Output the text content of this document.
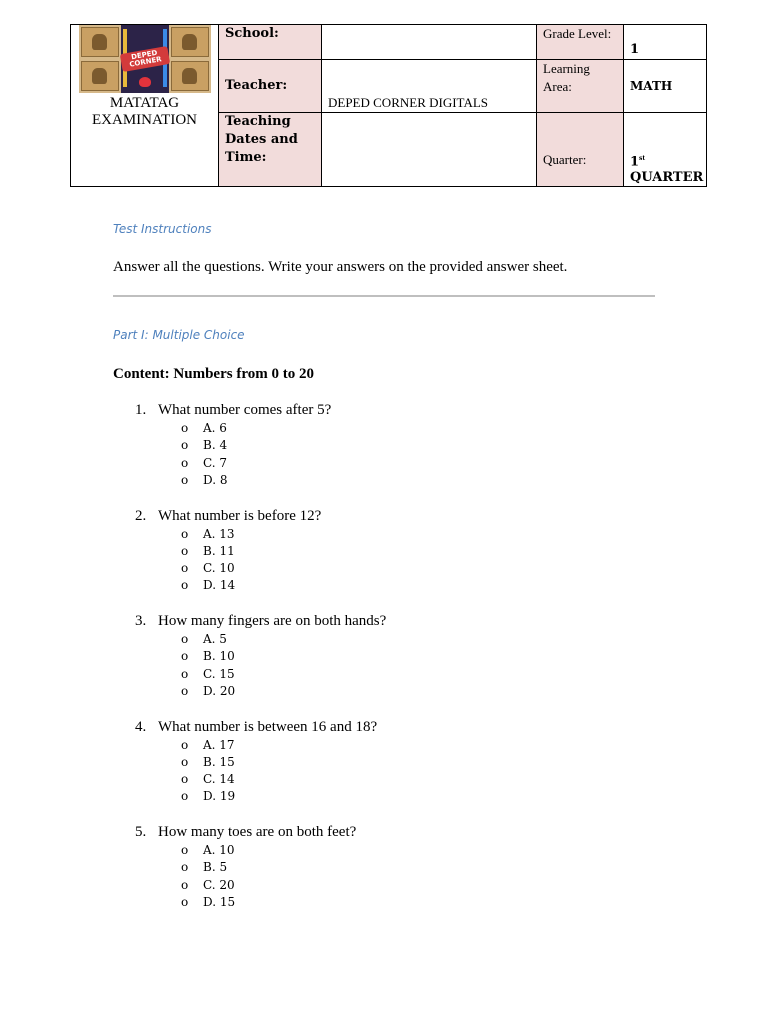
DEPED CORNER
MATATAG
EXAMINATION	School:		Grade Level:	1
	Teacher:	DEPED CORNER DIGITALS	Learning Area:	MATH
	Teaching Dates and Time:		Quarter:	1st
QUARTER
Test Instructions
Answer all the questions. Write your answers on the provided answer sheet.
Part I: Multiple Choice
Content: Numbers from 0 to 20
1. What number comes after 5?
o	A. 6
o	B. 4
o	C. 7
o	D. 8
2. What number is before 12?
o	A. 13
o	B. 11
o	C. 10
o	D. 14
3. How many fingers are on both hands?
o	A. 5
o	B. 10
o	C. 15
o	D. 20
4. What number is between 16 and 18?
o	A. 17
o	B. 15
o	C. 14
o	D. 19
5. How many toes are on both feet?
o	A. 10
o	B. 5
o	C. 20
o	D. 15
